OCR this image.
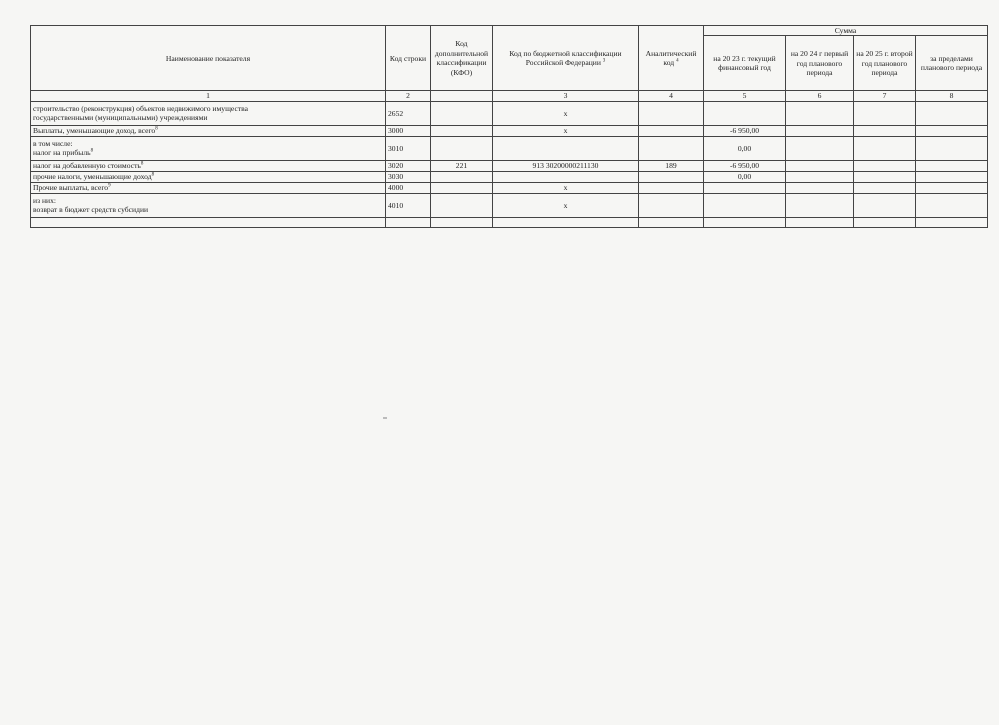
Наименование показателя	Код строки	Код дополнительной классификации (КФО)	Код по бюджетной классификации Российской Федерации $^3$	Аналитический код $^4$	Сумма			
					на 20 23 г. текущий финансовый год	на 20 24 г первый год планового периода	на 20 25 г. второй год планового периода	за пределами планового периода
1	2		3	4	5	6	7	8

строительство (реконструкция) объектов недвижимого имущества
государственными (муниципальными) учреждениями	2652		х					
Выплаты, уменьшающие доход, всего$^8$	3000		х		-6 950,00			

в том числе:
налог на прибыль$^8$	3010				0,00			
налог на добавленную стоимость$^8$	3020	221	913 30200000211130	189	-6 950,00			
прочие налоги, уменьшающие доход$^8$	3030				0,00			
Прочие выплаты, всего$^9$	4000		х					

из них:
возврат в бюджет средств субсидии	4010		х					
